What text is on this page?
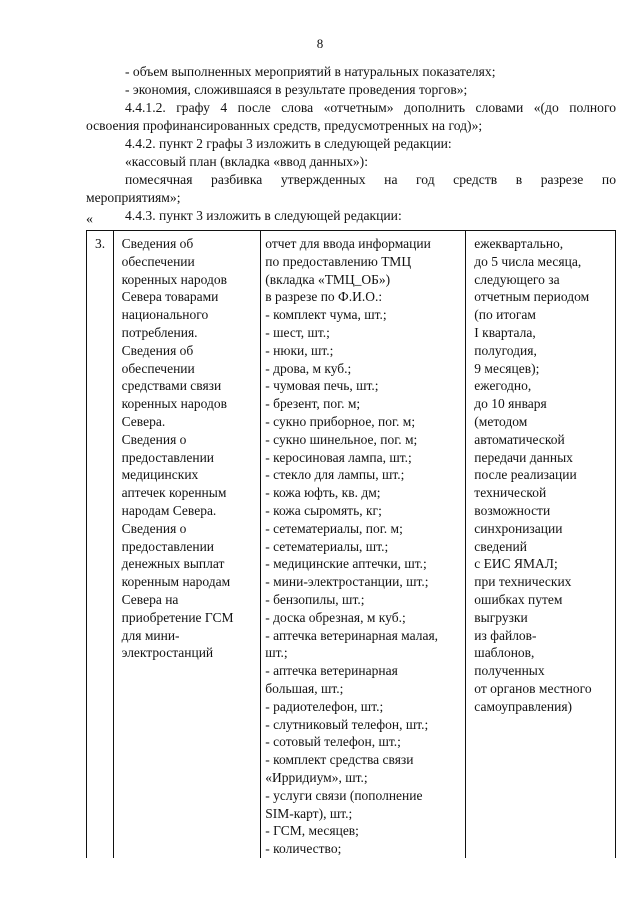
8
- объем выполненных мероприятий в натуральных показателях;
- экономия, сложившаяся в результате проведения торгов»;
4.4.1.2. графу 4 после слова «отчетным» дополнить словами «(до полного
освоения профинансированных средств, предусмотренных на год)»;
4.4.2. пункт 2 графы 3 изложить в следующей редакции:
«кассовый план (вкладка «ввод данных»):
помесячная разбивка утвержденных на год средств в разрезе по
мероприятиям»;
4.4.3. пункт 3 изложить в следующей редакции:
«
3.	Сведения об
обеспечении
коренных народов
Севера товарами
национального
потребления.
Сведения об
обеспечении
средствами связи
коренных народов
Севера.
Сведения о
предоставлении
медицинских
аптечек коренным
народам Севера.
Сведения о
предоставлении
денежных выплат
коренным народам
Севера на
приобретение ГСМ
для мини-
электростанций

отчет для ввода информации
по предоставлению ТМЦ
(вкладка «ТМЦ_ОБ»)
в разрезе по Ф.И.О.:
- комплект чума, шт.;
- шест, шт.;
- нюки, шт.;
- дрова, м куб.;
- чумовая печь, шт.;
- брезент, пог. м;
- сукно приборное, пог. м;
- сукно шинельное, пог. м;
- керосиновая лампа, шт.;
- стекло для лампы, шт.;
- кожа юфть, кв. дм;
- кожа сыромять, кг;
- сетематериалы, пог. м;
- сетематериалы, шт.;
- медицинские аптечки, шт.;
- мини-электростанции, шт.;
- бензопилы, шт.;
- доска обрезная, м куб.;
- аптечка ветеринарная малая,
шт.;
- аптечка ветеринарная
большая, шт.;
- радиотелефон, шт.;
- слутниковый телефон, шт.;
- сотовый телефон, шт.;
- комплект средства связи
«Ирридиум», шт.;
- услуги связи (пополнение
SIM-карт), шт.;
- ГСМ, месяцев;
- количество;

ежеквартально,
до 5 числа месяца,
следующего за
отчетным периодом
(по итогам
I квартала,
полугодия,
9 месяцев);
ежегодно,
до 10 января
(методом
автоматической
передачи данных
после реализации
технической
возможности
синхронизации
сведений
с ЕИС ЯМАЛ;
при технических
ошибках путем
выгрузки
из файлов-
шаблонов,
полученных
от органов местного
самоуправления)
